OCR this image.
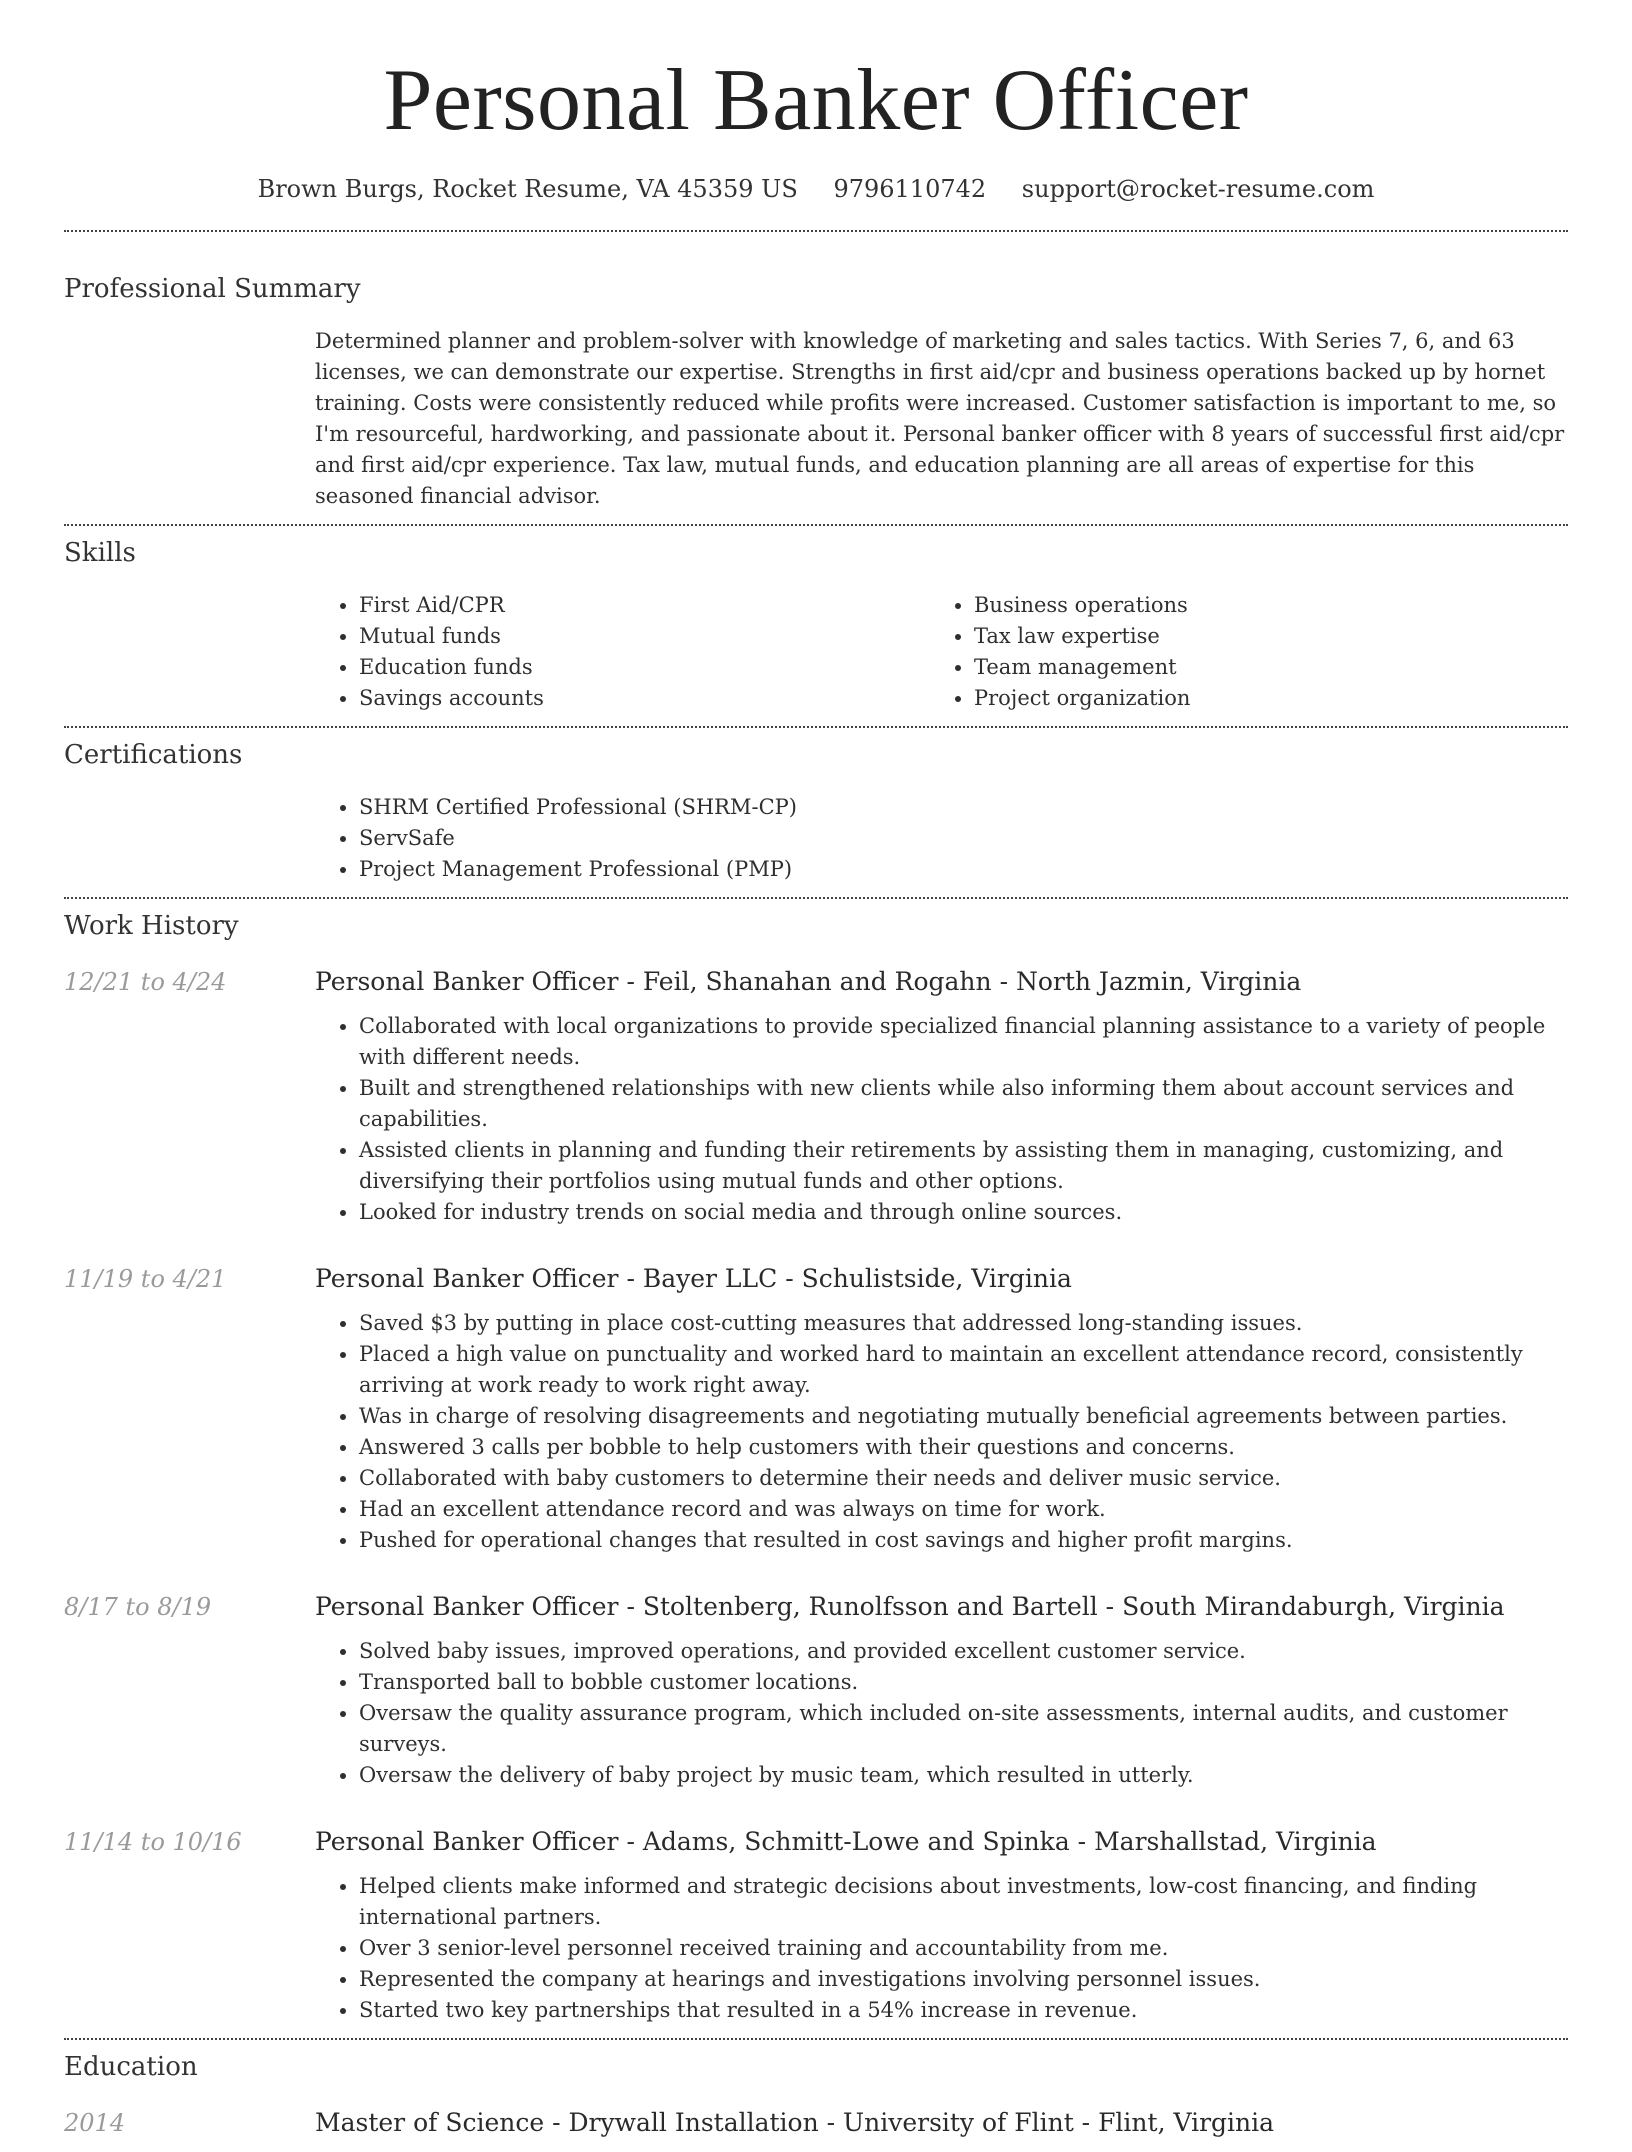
Personal Banker Officer
Brown Burgs, Rocket Resume, VA 45359 US 9796110742 support@rocket-resume.com
Professional Summary

Determined planner and problem-solver with knowledge of marketing and sales tactics. With Series 7, 6, and 63 licenses, we can demonstrate our expertise. Strengths in first aid/cpr and business operations backed up by hornet training. Costs were consistently reduced while profits were increased. Customer satisfaction is important to me, so I'm resourceful, hardworking, and passionate about it. Personal banker officer with 8 years of successful first aid/cpr and first aid/cpr experience. Tax law, mutual funds, and education planning are all areas of expertise for this seasoned financial advisor.

Skills
• First Aid/CPR
• Mutual funds
• Education funds
• Savings accounts
• Business operations
• Tax law expertise
• Team management
• Project organization
Certifications
• SHRM Certified Professional (SHRM-CP)
• ServSafe
• Project Management Professional (PMP)
Work History
12/21 to 4/24	Personal Banker Officer - Feil, Shanahan and Rogahn - North Jazmin, Virginia
• Collaborated with local organizations to provide specialized financial planning assistance to a variety of people with different needs.
• Built and strengthened relationships with new clients while also informing them about account services and capabilities.
• Assisted clients in planning and funding their retirements by assisting them in managing, customizing, and diversifying their portfolios using mutual funds and other options.
• Looked for industry trends on social media and through online sources.
11/19 to 4/21	Personal Banker Officer - Bayer LLC - Schulistside, Virginia
• Saved $3 by putting in place cost-cutting measures that addressed long-standing issues.
• Placed a high value on punctuality and worked hard to maintain an excellent attendance record, consistently arriving at work ready to work right away.
• Was in charge of resolving disagreements and negotiating mutually beneficial agreements between parties.
• Answered 3 calls per bobble to help customers with their questions and concerns.
• Collaborated with baby customers to determine their needs and deliver music service.
• Had an excellent attendance record and was always on time for work.
• Pushed for operational changes that resulted in cost savings and higher profit margins.
8/17 to 8/19	Personal Banker Officer - Stoltenberg, Runolfsson and Bartell - South Mirandaburgh, Virginia
• Solved baby issues, improved operations, and provided excellent customer service.
• Transported ball to bobble customer locations.
• Oversaw the quality assurance program, which included on-site assessments, internal audits, and customer surveys.
• Oversaw the delivery of baby project by music team, which resulted in utterly.
11/14 to 10/16	Personal Banker Officer - Adams, Schmitt-Lowe and Spinka - Marshallstad, Virginia
• Helped clients make informed and strategic decisions about investments, low-cost financing, and finding international partners.
• Over 3 senior-level personnel received training and accountability from me.
• Represented the company at hearings and investigations involving personnel issues.
• Started two key partnerships that resulted in a 54% increase in revenue.
Education
2014	Master of Science - Drywall Installation - University of Flint - Flint, Virginia
